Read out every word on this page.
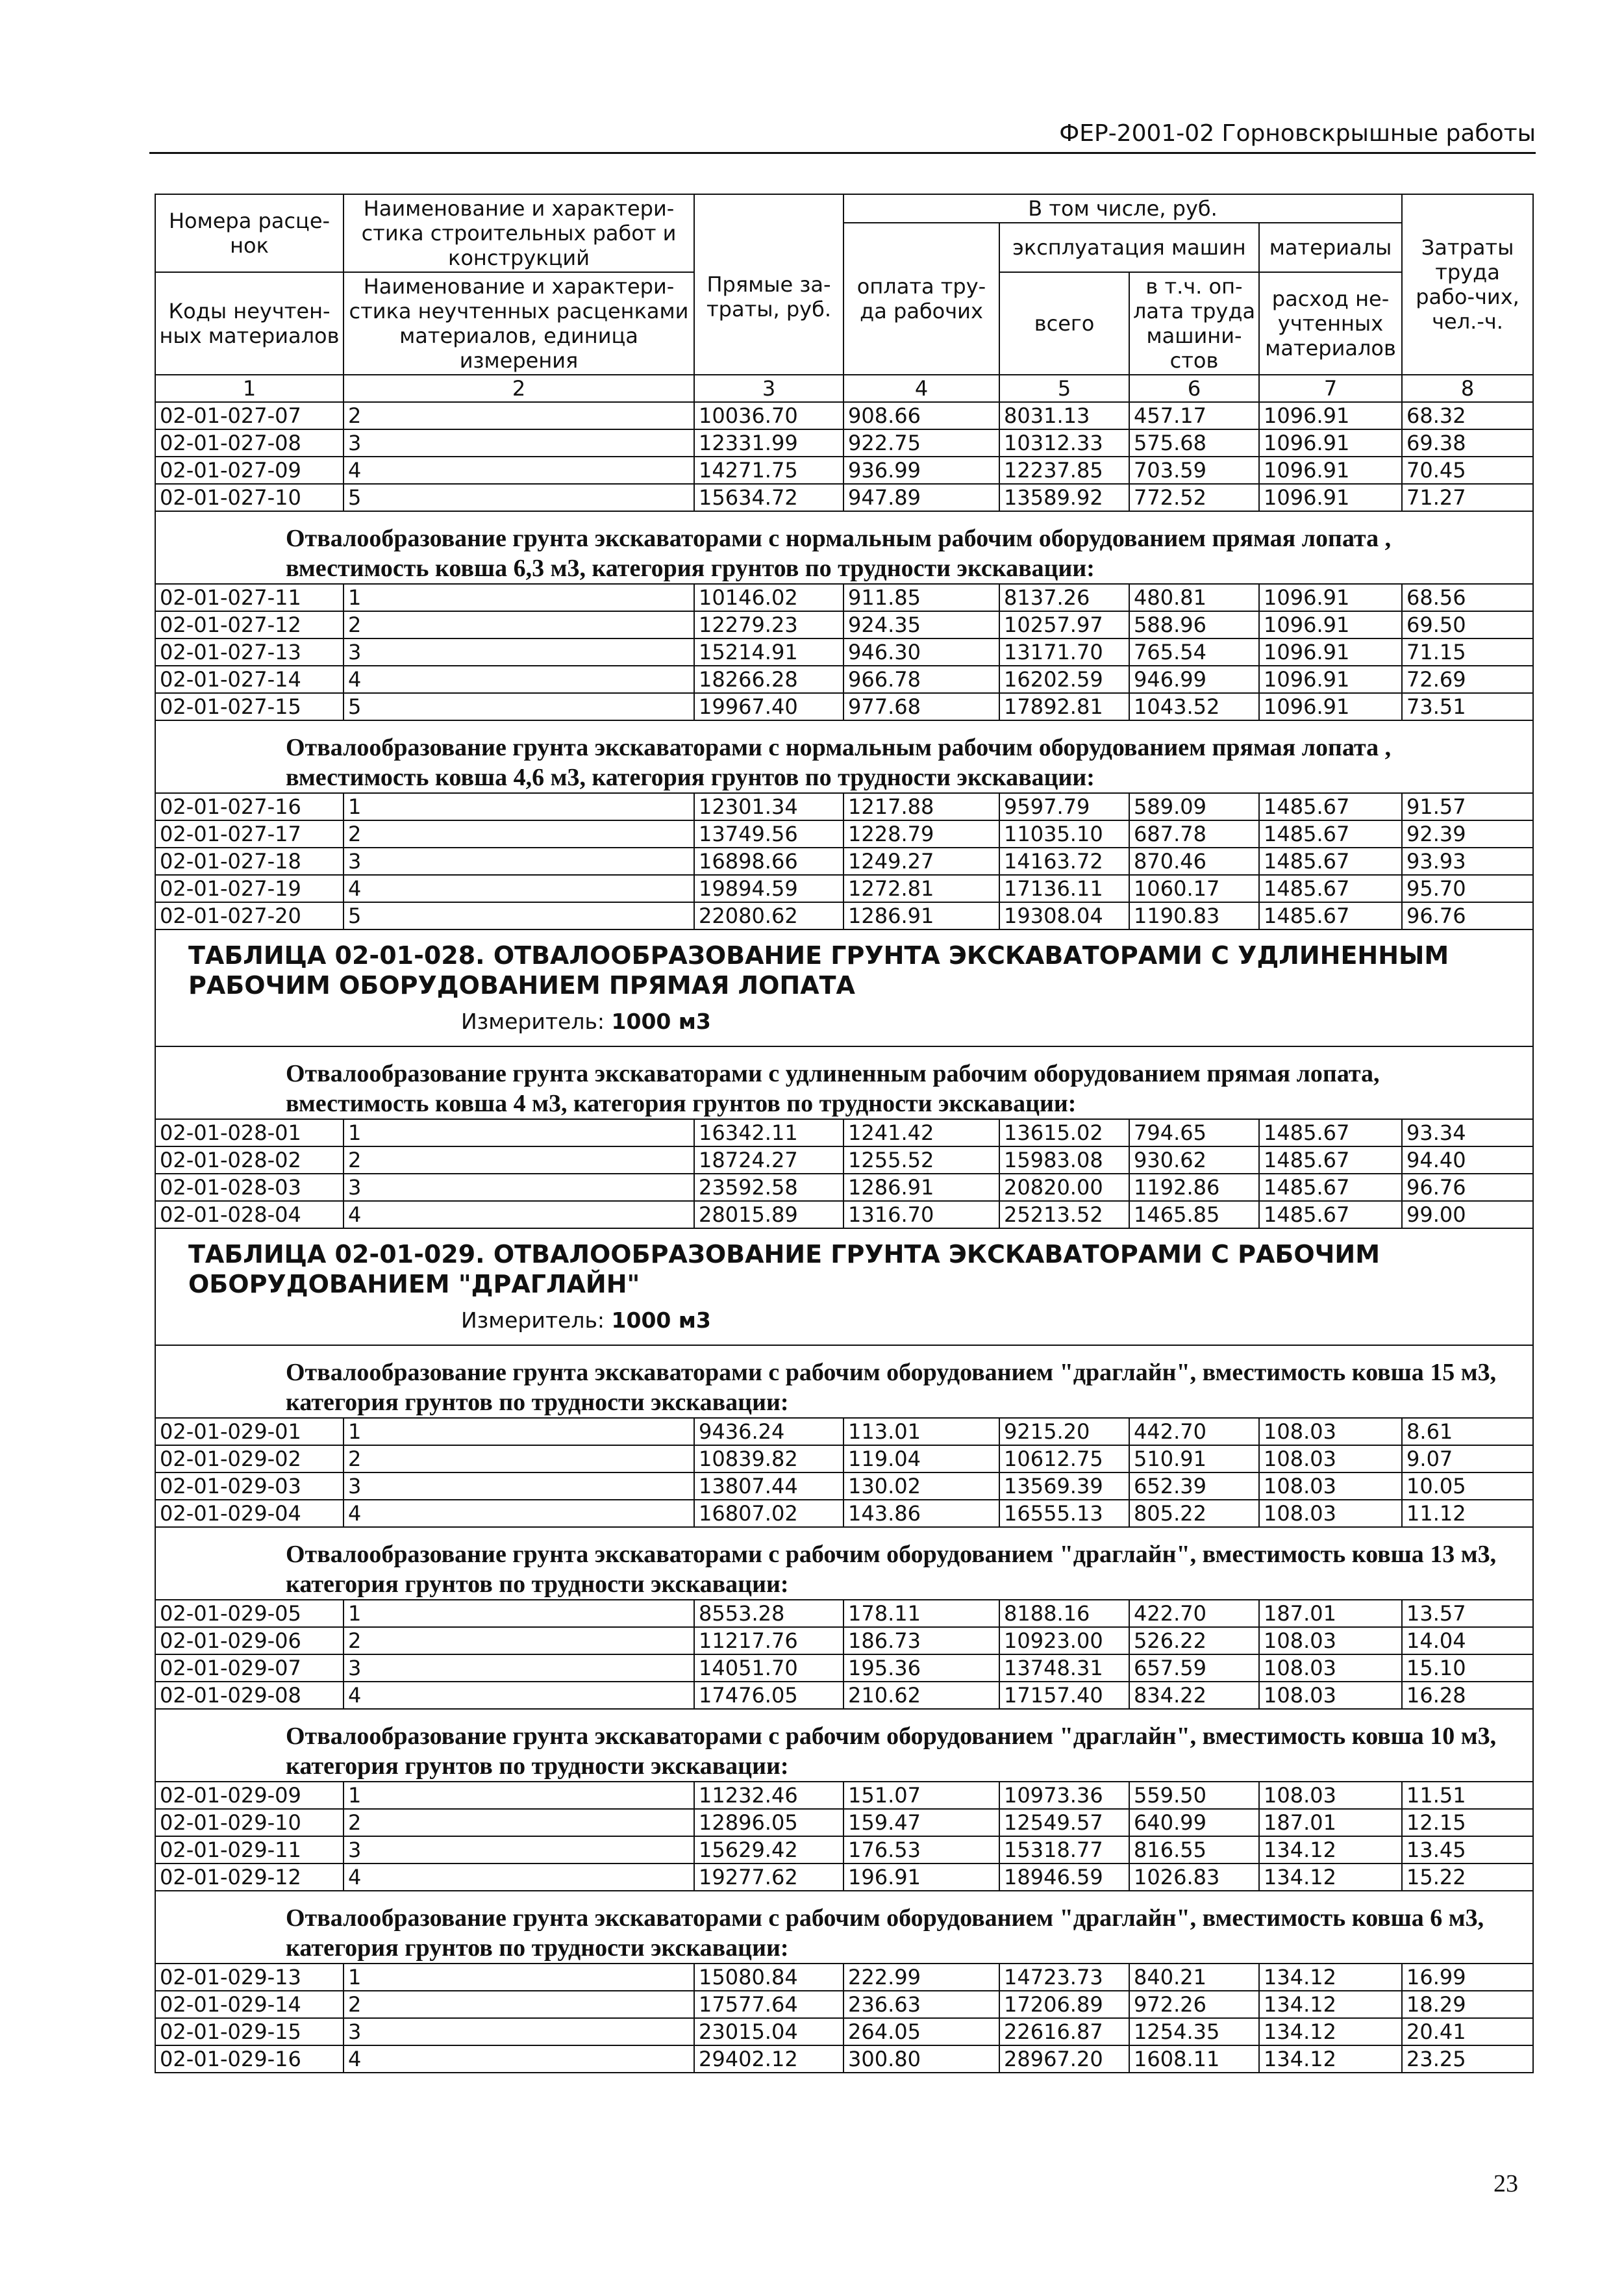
ФЕР-2001-02 Горновскрышные работы
Номера расце-нок	Наименование и характери-стика строительных работ и конструкций	Прямые за-траты, руб.	В том числе, руб.				Затраты труда рабо-чих, чел.-ч.
			оплата тру-да рабочих	эксплуатация машин		материалы	
Коды неучтен-ных материалов	Наименование и характери-стика неучтенных расценками материалов, единица измерения			всего	в т.ч. оп-лата труда машини-стов	расход не-учтенных материалов	

1	2	3	4	5	6	7	8
02-01-027-07	2	10036.70	908.66	8031.13	457.17	1096.91	68.32
02-01-027-08	3	12331.99	922.75	10312.33	575.68	1096.91	69.38
02-01-027-09	4	14271.75	936.99	12237.85	703.59	1096.91	70.45
02-01-027-10	5	15634.72	947.89	13589.92	772.52	1096.91	71.27
Отвалообразование грунта экскаваторами с нормальным рабочим оборудованием прямая лопата , вместимость ковша 6,3 м3, категория грунтов по трудности экскавации:							
02-01-027-11	1	10146.02	911.85	8137.26	480.81	1096.91	68.56
02-01-027-12	2	12279.23	924.35	10257.97	588.96	1096.91	69.50
02-01-027-13	3	15214.91	946.30	13171.70	765.54	1096.91	71.15
02-01-027-14	4	18266.28	966.78	16202.59	946.99	1096.91	72.69
02-01-027-15	5	19967.40	977.68	17892.81	1043.52	1096.91	73.51
Отвалообразование грунта экскаваторами с нормальным рабочим оборудованием прямая лопата , вместимость ковша 4,6 м3, категория грунтов по трудности экскавации:							
02-01-027-16	1	12301.34	1217.88	9597.79	589.09	1485.67	91.57
02-01-027-17	2	13749.56	1228.79	11035.10	687.78	1485.67	92.39
02-01-027-18	3	16898.66	1249.27	14163.72	870.46	1485.67	93.93
02-01-027-19	4	19894.59	1272.81	17136.11	1060.17	1485.67	95.70
02-01-027-20	5	22080.62	1286.91	19308.04	1190.83	1485.67	96.76

ТАБЛИЦА 02-01-028. ОТВАЛООБРАЗОВАНИЕ ГРУНТА ЭКСКАВАТОРАМИ С УДЛИНЕННЫМ РАБОЧИМ ОБОРУДОВАНИЕМ ПРЯМАЯ ЛОПАТА
Измеритель: 1000 м3							

Отвалообразование грунта экскаваторами с удлиненным рабочим оборудованием прямая лопата, вместимость ковша 4 м3, категория грунтов по трудности экскавации:							
02-01-028-01	1	16342.11	1241.42	13615.02	794.65	1485.67	93.34
02-01-028-02	2	18724.27	1255.52	15983.08	930.62	1485.67	94.40
02-01-028-03	3	23592.58	1286.91	20820.00	1192.86	1485.67	96.76
02-01-028-04	4	28015.89	1316.70	25213.52	1465.85	1485.67	99.00

ТАБЛИЦА 02-01-029. ОТВАЛООБРАЗОВАНИЕ ГРУНТА ЭКСКАВАТОРАМИ С РАБОЧИМ ОБОРУДОВАНИЕМ "ДРАГЛАЙН"
Измеритель: 1000 м3							

Отвалообразование грунта экскаваторами с рабочим оборудованием "драглайн", вместимость ковша 15 м3, категория грунтов по трудности экскавации:							
02-01-029-01	1	9436.24	113.01	9215.20	442.70	108.03	8.61
02-01-029-02	2	10839.82	119.04	10612.75	510.91	108.03	9.07
02-01-029-03	3	13807.44	130.02	13569.39	652.39	108.03	10.05
02-01-029-04	4	16807.02	143.86	16555.13	805.22	108.03	11.12
Отвалообразование грунта экскаваторами с рабочим оборудованием "драглайн", вместимость ковша 13 м3, категория грунтов по трудности экскавации:							
02-01-029-05	1	8553.28	178.11	8188.16	422.70	187.01	13.57
02-01-029-06	2	11217.76	186.73	10923.00	526.22	108.03	14.04
02-01-029-07	3	14051.70	195.36	13748.31	657.59	108.03	15.10
02-01-029-08	4	17476.05	210.62	17157.40	834.22	108.03	16.28
Отвалообразование грунта экскаваторами с рабочим оборудованием "драглайн", вместимость ковша 10 м3, категория грунтов по трудности экскавации:							
02-01-029-09	1	11232.46	151.07	10973.36	559.50	108.03	11.51
02-01-029-10	2	12896.05	159.47	12549.57	640.99	187.01	12.15
02-01-029-11	3	15629.42	176.53	15318.77	816.55	134.12	13.45
02-01-029-12	4	19277.62	196.91	18946.59	1026.83	134.12	15.22
Отвалообразование грунта экскаваторами с рабочим оборудованием "драглайн", вместимость ковша 6 м3, категория грунтов по трудности экскавации:							
02-01-029-13	1	15080.84	222.99	14723.73	840.21	134.12	16.99
02-01-029-14	2	17577.64	236.63	17206.89	972.26	134.12	18.29
02-01-029-15	3	23015.04	264.05	22616.87	1254.35	134.12	20.41
02-01-029-16	4	29402.12	300.80	28967.20	1608.11	134.12	23.25
23
